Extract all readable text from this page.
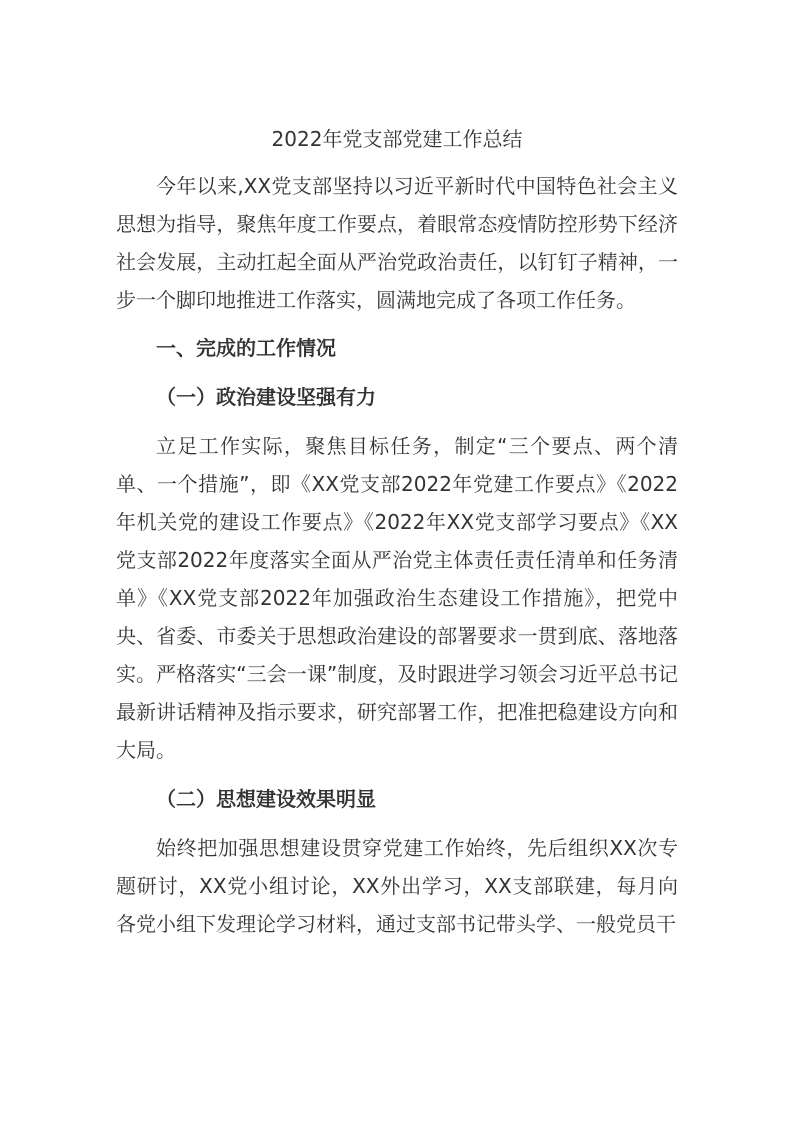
2022年党支部党建工作总结

今年以来,XX党支部坚持以习近平新时代中国特色社会主义思想为指导，聚焦年度工作要点，着眼常态疫情防控形势下经济社会发展，主动扛起全面从严治党政治责任，以钉钉子精神，一步一个脚印地推进工作落实，圆满地完成了各项工作任务。

一、完成的工作情况
（一）政治建设坚强有力

立足工作实际，聚焦目标任务，制定“三个要点、两个清单、一个措施”，即《XX党支部2022年党建工作要点》《2022年机关党的建设工作要点》《2022年XX党支部学习要点》《XX党支部2022年度落实全面从严治党主体责任责任清单和任务清单》《XX党支部2022年加强政治生态建设工作措施》，把党中央、省委、市委关于思想政治建设的部署要求一贯到底、落地落实。严格落实“三会一课”制度，及时跟进学习领会习近平总书记最新讲话精神及指示要求，研究部署工作，把准把稳建设方向和大局。

（二）思想建设效果明显

始终把加强思想建设贯穿党建工作始终，先后组织XX次专题研讨，XX党小组讨论，XX外出学习，XX支部联建，每月向各党小组下发理论学习材料，通过支部书记带头学、一般党员干
